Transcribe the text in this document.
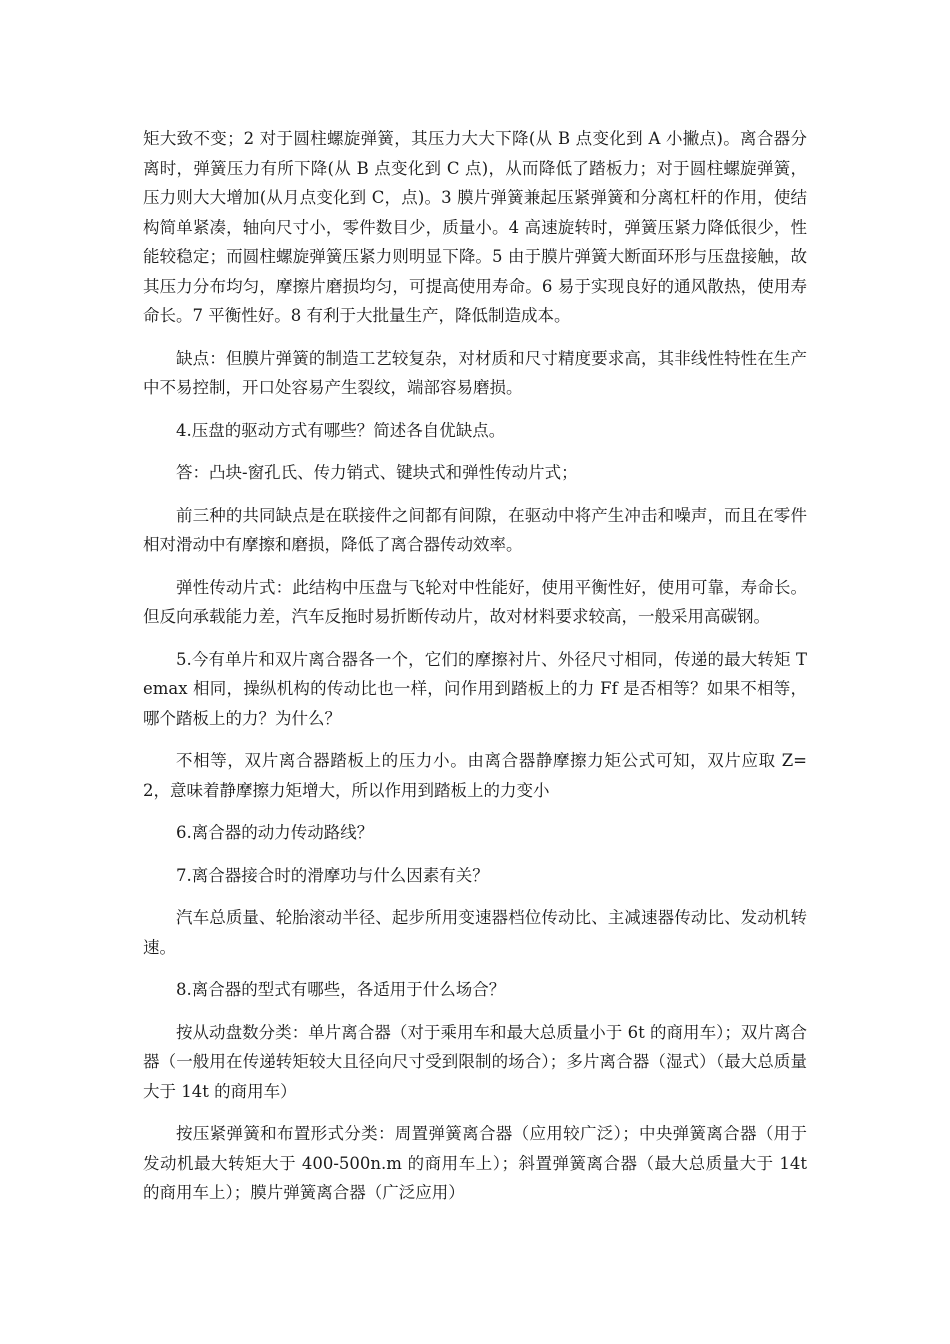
矩大致不变；2 对于圆柱螺旋弹簧，其压力大大下降(从 B 点变化到 A 小撇点)。离合器分离时，弹簧压力有所下降(从 B 点变化到 C 点)，从而降低了踏板力；对于圆柱螺旋弹簧，压力则大大增加(从月点变化到 C，点)。3 膜片弹簧兼起压紧弹簧和分离杠杆的作用，使结构简单紧凑，轴向尺寸小，零件数目少，质量小。4 高速旋转时，弹簧压紧力降低很少，性能较稳定；而圆柱螺旋弹簧压紧力则明显下降。5 由于膜片弹簧大断面环形与压盘接触，故其压力分布均匀，摩擦片磨损均匀，可提高使用寿命。6 易于实现良好的通风散热，使用寿命长。7 平衡性好。8 有利于大批量生产，降低制造成本。

缺点：但膜片弹簧的制造工艺较复杂，对材质和尺寸精度要求高，其非线性特性在生产中不易控制，开口处容易产生裂纹，端部容易磨损。

4.压盘的驱动方式有哪些？简述各自优缺点。

答：凸块-窗孔氏、传力销式、键块式和弹性传动片式；

前三种的共同缺点是在联接件之间都有间隙，在驱动中将产生冲击和噪声，而且在零件相对滑动中有摩擦和磨损，降低了离合器传动效率。

弹性传动片式：此结构中压盘与飞轮对中性能好，使用平衡性好，使用可靠，寿命长。但反向承载能力差，汽车反拖时易折断传动片，故对材料要求较高，一般采用高碳钢。

5.今有单片和双片离合器各一个，它们的摩擦衬片、外径尺寸相同，传递的最大转矩 Temax 相同，操纵机构的传动比也一样，问作用到踏板上的力 Ff 是否相等？如果不相等，哪个踏板上的力？为什么？

不相等，双片离合器踏板上的压力小。由离合器静摩擦力矩公式可知，双片应取 Z=2，意味着静摩擦力矩增大，所以作用到踏板上的力变小

6.离合器的动力传动路线？

7.离合器接合时的滑摩功与什么因素有关？

汽车总质量、轮胎滚动半径、起步所用变速器档位传动比、主减速器传动比、发动机转速。

8.离合器的型式有哪些，各适用于什么场合？

按从动盘数分类：单片离合器（对于乘用车和最大总质量小于 6t 的商用车）；双片离合器（一般用在传递转矩较大且径向尺寸受到限制的场合）；多片离合器（湿式）（最大总质量大于 14t 的商用车）

按压紧弹簧和布置形式分类：周置弹簧离合器（应用较广泛）；中央弹簧离合器（用于发动机最大转矩大于 400-500n.m 的商用车上）；斜置弹簧离合器（最大总质量大于 14t 的商用车上）；膜片弹簧离合器（广泛应用）
